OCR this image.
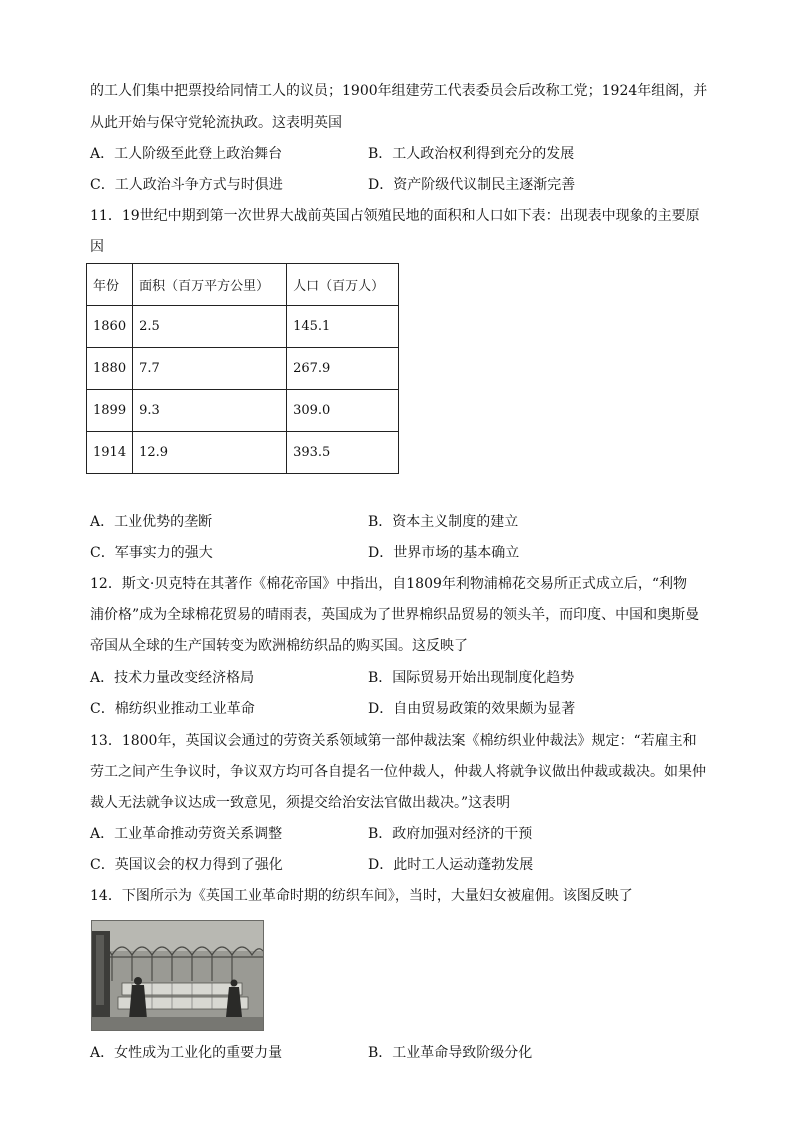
的工人们集中把票投给同情工人的议员；1900年组建劳工代表委员会后改称工党；1924年组阁，并
从此开始与保守党轮流执政。这表明英国
A．工人阶级至此登上政治舞台	B．工人政治权利得到充分的发展
C．工人政治斗争方式与时俱进	D．资产阶级代议制民主逐渐完善
11．19世纪中期到第一次世界大战前英国占领殖民地的面积和人口如下表：出现表中现象的主要原
因
年份	面积（百万平方公里）	人口（百万人）
1860	2.5	145.1
1880	7.7	267.9
1899	9.3	309.0
1914	12.9	393.5
A．工业优势的垄断	B．资本主义制度的建立
C．军事实力的强大	D．世界市场的基本确立
12．斯文·贝克特在其著作《棉花帝国》中指出，自1809年利物浦棉花交易所正式成立后，“利物
浦价格”成为全球棉花贸易的晴雨表，英国成为了世界棉织品贸易的领头羊，而印度、中国和奥斯曼
帝国从全球的生产国转变为欧洲棉纺织品的购买国。这反映了
A．技术力量改变经济格局	B．国际贸易开始出现制度化趋势
C．棉纺织业推动工业革命	D．自由贸易政策的效果颇为显著
13．1800年，英国议会通过的劳资关系领域第一部仲裁法案《棉纺织业仲裁法》规定：“若雇主和
劳工之间产生争议时，争议双方均可各自提名一位仲裁人，仲裁人将就争议做出仲裁或裁决。如果仲
裁人无法就争议达成一致意见，须提交给治安法官做出裁决。”这表明
A．工业革命推动劳资关系调整	B．政府加强对经济的干预
C．英国议会的权力得到了强化	D．此时工人运动蓬勃发展
14．下图所示为《英国工业革命时期的纺织车间》，当时，大量妇女被雇佣。该图反映了
A．女性成为工业化的重要力量	B．工业革命导致阶级分化
